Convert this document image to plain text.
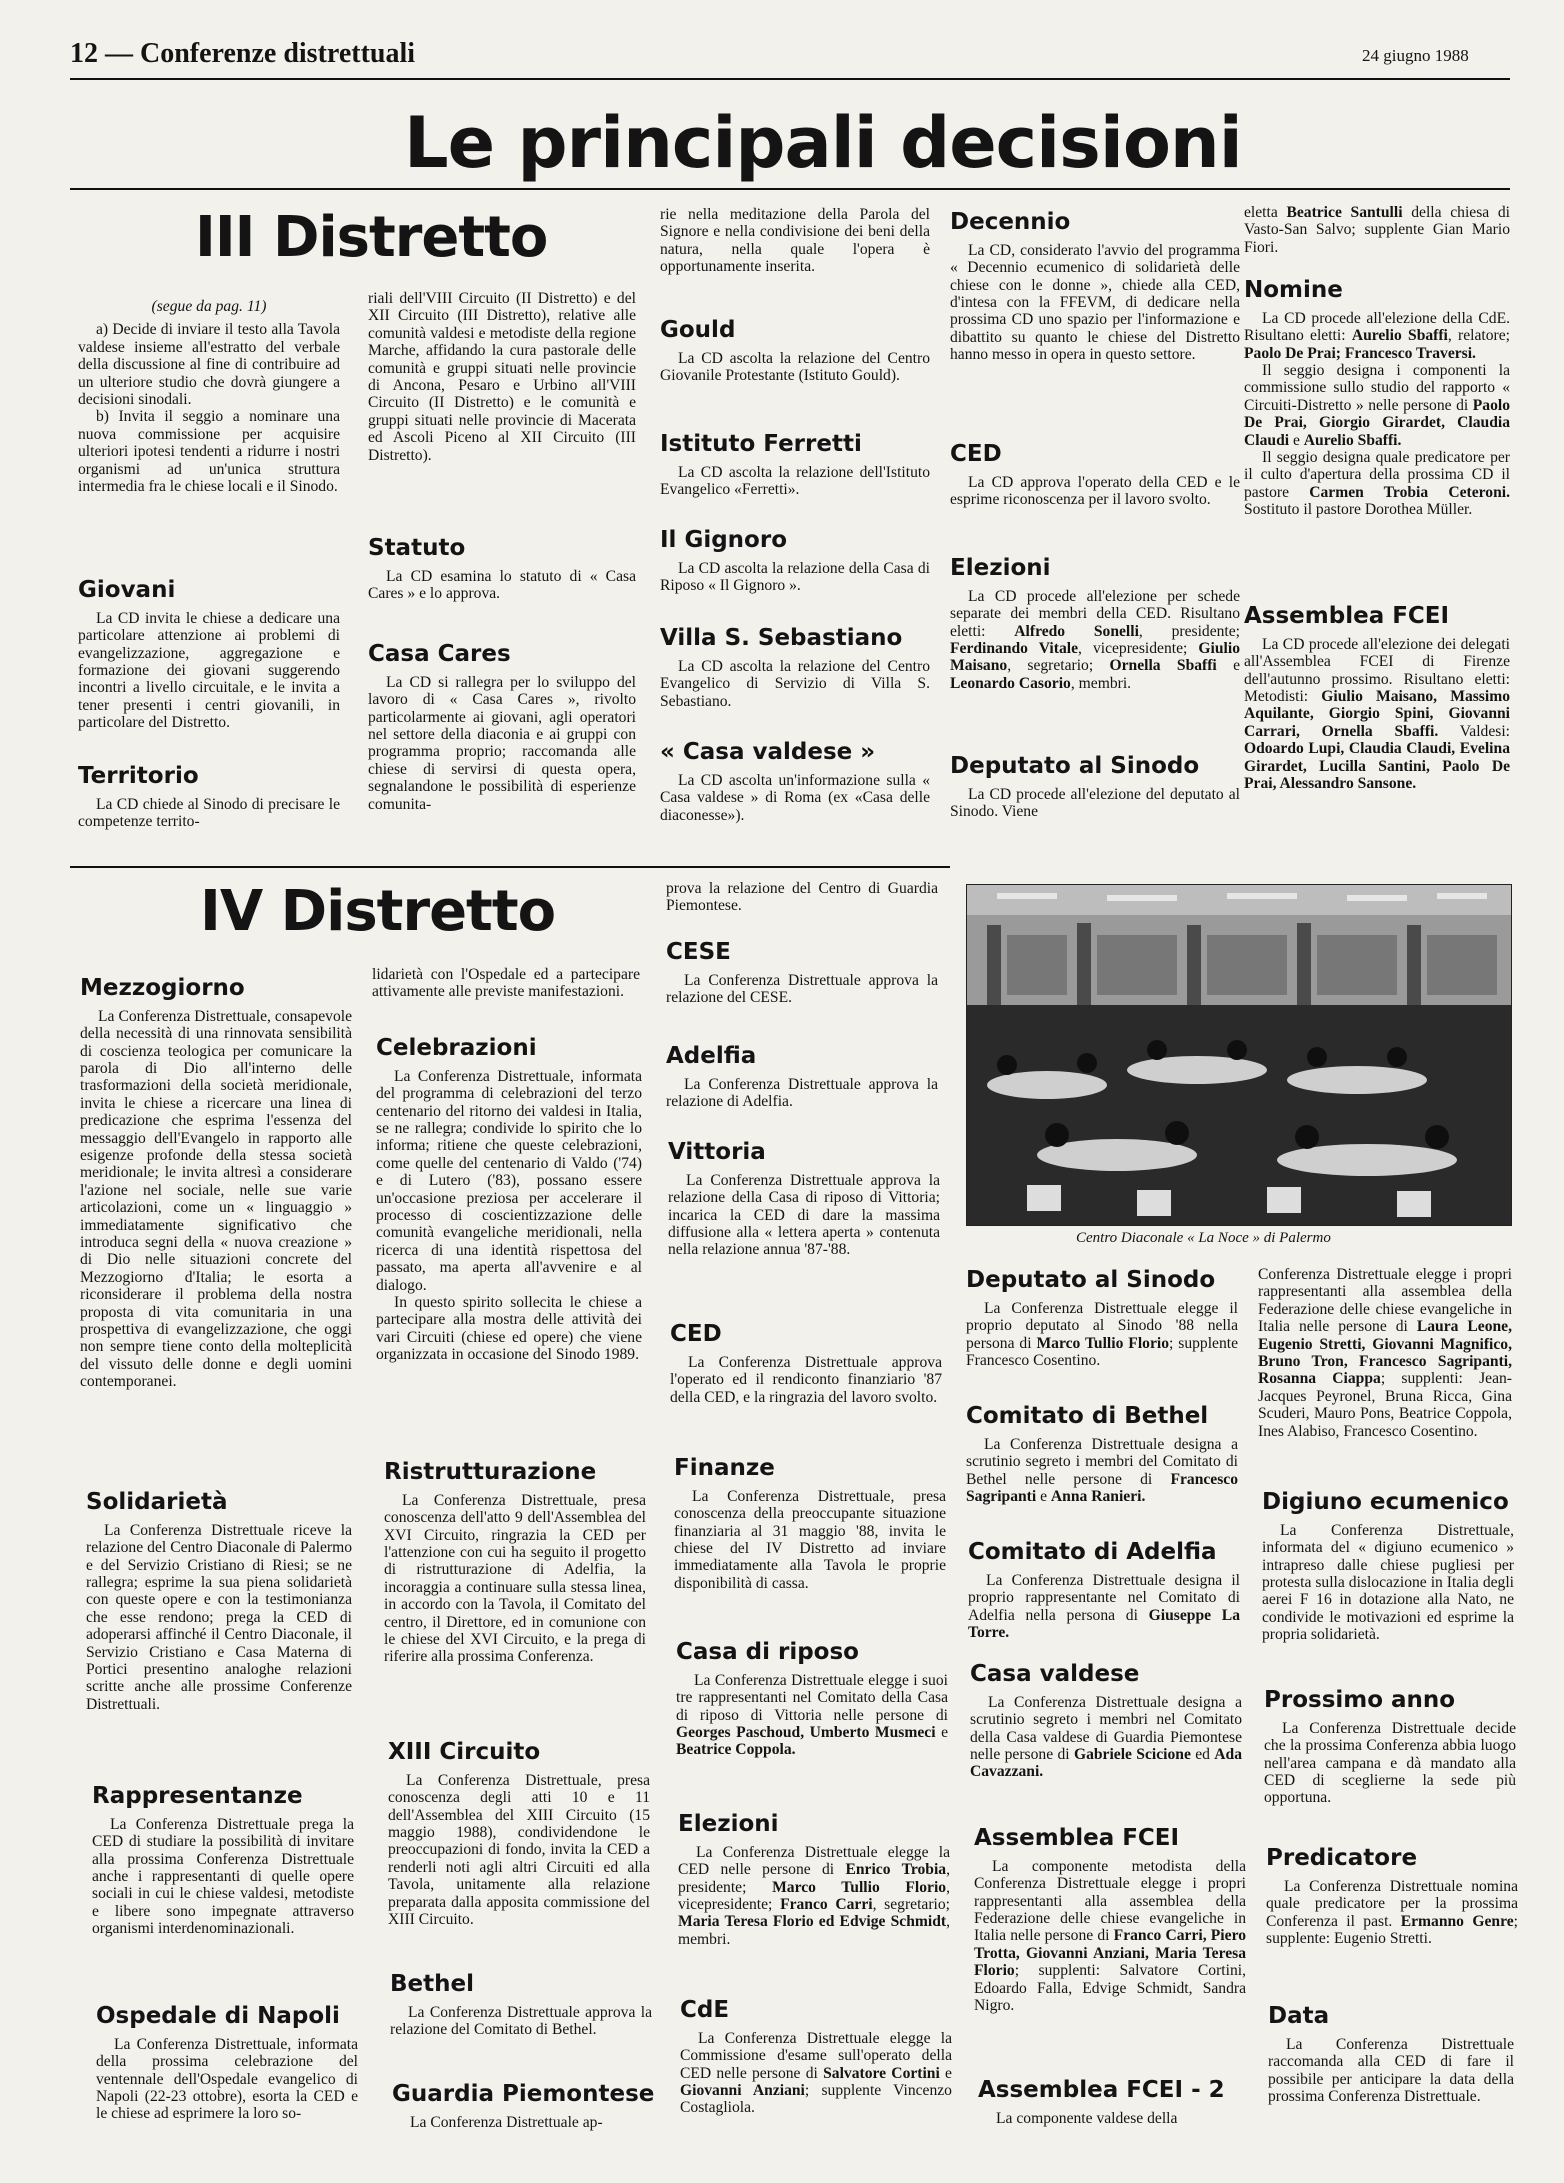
12 — Conferenze distrettuali	24 giugno 1988
Le principali decisioni
III Distretto

(segue da pag. 11)

a) Decide di inviare il testo alla Tavola valdese insieme all'estratto del verbale della discussione al fine di contribuire ad un ulteriore studio che dovrà giungere a decisioni sinodali.

b) Invita il seggio a nominare una nuova commissione per acquisire ulteriori ipotesi tendenti a ridurre i nostri organismi ad un'unica struttura intermedia fra le chiese locali e il Sinodo.

Giovani

La CD invita le chiese a dedicare una particolare attenzione ai problemi di evangelizzazione, aggregazione e formazione dei giovani suggerendo incontri a livello circuitale, e le invita a tener presenti i centri giovanili, in particolare del Distretto.

Territorio

La CD chiede al Sinodo di precisare le competenze territo-

riali dell'VIII Circuito (II Distretto) e del XII Circuito (III Distretto), relative alle comunità valdesi e metodiste della regione Marche, affidando la cura pastorale delle comunità e gruppi situati nelle provincie di Ancona, Pesaro e Urbino all'VIII Circuito (II Distretto) e le comunità e gruppi situati nelle provincie di Macerata ed Ascoli Piceno al XII Circuito (III Distretto).

Statuto

La CD esamina lo statuto di « Casa Cares » e lo approva.

Casa Cares

La CD si rallegra per lo sviluppo del lavoro di « Casa Cares », rivolto particolarmente ai giovani, agli operatori nel settore della diaconia e ai gruppi con programma proprio; raccomanda alle chiese di servirsi di questa opera, segnalandone le possibilità di esperienze comunita-

rie nella meditazione della Parola del Signore e nella condivisione dei beni della natura, nella quale l'opera è opportunamente inserita.

Gould

La CD ascolta la relazione del Centro Giovanile Protestante (Istituto Gould).

Istituto Ferretti

La CD ascolta la relazione dell'Istituto Evangelico «Ferretti».

Il Gignoro

La CD ascolta la relazione della Casa di Riposo « Il Gignoro ».

Villa S. Sebastiano

La CD ascolta la relazione del Centro Evangelico di Servizio di Villa S. Sebastiano.

« Casa valdese »

La CD ascolta un'informazione sulla « Casa valdese » di Roma (ex «Casa delle diaconesse»).

Decennio

La CD, considerato l'avvio del programma « Decennio ecumenico di solidarietà delle chiese con le donne », chiede alla CED, d'intesa con la FFEVM, di dedicare nella prossima CD uno spazio per l'informazione e dibattito su quanto le chiese del Distretto hanno messo in opera in questo settore.

CED

La CD approva l'operato della CED e le esprime riconoscenza per il lavoro svolto.

Elezioni

La CD procede all'elezione per schede separate dei membri della CED. Risultano eletti: Alfredo Sonelli, presidente; Ferdinando Vitale, vicepresidente; Giulio Maisano, segretario; Ornella Sbaffi e Leonardo Casorio, membri.

Deputato al Sinodo

La CD procede all'elezione del deputato al Sinodo. Viene

eletta Beatrice Santulli della chiesa di Vasto-San Salvo; supplente Gian Mario Fiori.

Nomine

La CD procede all'elezione della CdE. Risultano eletti: Aurelio Sbaffi, relatore; Paolo De Prai; Francesco Traversi.

Il seggio designa i componenti la commissione sullo studio del rapporto « Circuiti-Distretto » nelle persone di Paolo De Prai, Giorgio Girardet, Claudia Claudi e Aurelio Sbaffi.

Il seggio designa quale predicatore per il culto d'apertura della prossima CD il pastore Carmen Trobia Ceteroni. Sostituto il pastore Dorothea Müller.

Assemblea FCEI

La CD procede all'elezione dei delegati all'Assemblea FCEI di Firenze dell'autunno prossimo. Risultano eletti: Metodisti: Giulio Maisano, Massimo Aquilante, Giorgio Spini, Giovanni Carrari, Ornella Sbaffi. Valdesi: Odoardo Lupi, Claudia Claudi, Evelina Girardet, Lucilla Santini, Paolo De Prai, Alessandro Sansone.

IV Distretto
Mezzogiorno

La Conferenza Distrettuale, consapevole della necessità di una rinnovata sensibilità di coscienza teologica per comunicare la parola di Dio all'interno delle trasformazioni della società meridionale, invita le chiese a ricercare una linea di predicazione che esprima l'essenza del messaggio dell'Evangelo in rapporto alle esigenze profonde della stessa società meridionale; le invita altresì a considerare l'azione nel sociale, nelle sue varie articolazioni, come un « linguaggio » immediatamente significativo che introduca segni della « nuova creazione » di Dio nelle situazioni concrete del Mezzogiorno d'Italia; le esorta a riconsiderare il problema della nostra proposta di vita comunitaria in una prospettiva di evangelizzazione, che oggi non sempre tiene conto della molteplicità del vissuto delle donne e degli uomini contemporanei.

Solidarietà

La Conferenza Distrettuale riceve la relazione del Centro Diaconale di Palermo e del Servizio Cristiano di Riesi; se ne rallegra; esprime la sua piena solidarietà con queste opere e con la testimonianza che esse rendono; prega la CED di adoperarsi affinché il Centro Diaconale, il Servizio Cristiano e Casa Materna di Portici presentino analoghe relazioni scritte anche alle prossime Conferenze Distrettuali.

Rappresentanze

La Conferenza Distrettuale prega la CED di studiare la possibilità di invitare alla prossima Conferenza Distrettuale anche i rappresentanti di quelle opere sociali in cui le chiese valdesi, metodiste e libere sono impegnate attraverso organismi interdenominazionali.

Ospedale di Napoli

La Conferenza Distrettuale, informata della prossima celebrazione del ventennale dell'Ospedale evangelico di Napoli (22-23 ottobre), esorta la CED e le chiese ad esprimere la loro so-

lidarietà con l'Ospedale ed a partecipare attivamente alle previste manifestazioni.

Celebrazioni

La Conferenza Distrettuale, informata del programma di celebrazioni del terzo centenario del ritorno dei valdesi in Italia, se ne rallegra; condivide lo spirito che lo informa; ritiene che queste celebrazioni, come quelle del centenario di Valdo ('74) e di Lutero ('83), possano essere un'occasione preziosa per accelerare il processo di coscientizzazione delle comunità evangeliche meridionali, nella ricerca di una identità rispettosa del passato, ma aperta all'avvenire e al dialogo.

In questo spirito sollecita le chiese a partecipare alla mostra delle attività dei vari Circuiti (chiese ed opere) che viene organizzata in occasione del Sinodo 1989.

Ristrutturazione

La Conferenza Distrettuale, presa conoscenza dell'atto 9 dell'Assemblea del XVI Circuito, ringrazia la CED per l'attenzione con cui ha seguito il progetto di ristrutturazione di Adelfia, la incoraggia a continuare sulla stessa linea, in accordo con la Tavola, il Comitato del centro, il Direttore, ed in comunione con le chiese del XVI Circuito, e la prega di riferire alla prossima Conferenza.

XIII Circuito

La Conferenza Distrettuale, presa conoscenza degli atti 10 e 11 dell'Assemblea del XIII Circuito (15 maggio 1988), condividendone le preoccupazioni di fondo, invita la CED a renderli noti agli altri Circuiti ed alla Tavola, unitamente alla relazione preparata dalla apposita commissione del XIII Circuito.

Bethel

La Conferenza Distrettuale approva la relazione del Comitato di Bethel.

Guardia Piemontese

La Conferenza Distrettuale ap-

prova la relazione del Centro di Guardia Piemontese.

CESE

La Conferenza Distrettuale approva la relazione del CESE.

Adelfia

La Conferenza Distrettuale approva la relazione di Adelfia.

Vittoria

La Conferenza Distrettuale approva la relazione della Casa di riposo di Vittoria; incarica la CED di dare la massima diffusione alla « lettera aperta » contenuta nella relazione annua '87-'88.

CED

La Conferenza Distrettuale approva l'operato ed il rendiconto finanziario '87 della CED, e la ringrazia del lavoro svolto.

Finanze

La Conferenza Distrettuale, presa conoscenza della preoccupante situazione finanziaria al 31 maggio '88, invita le chiese del IV Distretto ad inviare immediatamente alla Tavola le proprie disponibilità di cassa.

Casa di riposo

La Conferenza Distrettuale elegge i suoi tre rappresentanti nel Comitato della Casa di riposo di Vittoria nelle persone di Georges Paschoud, Umberto Musmeci e Beatrice Coppola.

Elezioni

La Conferenza Distrettuale elegge la CED nelle persone di Enrico Trobia, presidente; Marco Tullio Florio, vicepresidente; Franco Carri, segretario; Maria Teresa Florio ed Edvige Schmidt, membri.

CdE

La Conferenza Distrettuale elegge la Commissione d'esame sull'operato della CED nelle persone di Salvatore Cortini e Giovanni Anziani; supplente Vincenzo Costagliola.

Centro Diaconale « La Noce » di Palermo
Deputato al Sinodo

La Conferenza Distrettuale elegge il proprio deputato al Sinodo '88 nella persona di Marco Tullio Florio; supplente Francesco Cosentino.

Comitato di Bethel

La Conferenza Distrettuale designa a scrutinio segreto i membri del Comitato di Bethel nelle persone di Francesco Sagripanti e Anna Ranieri.

Comitato di Adelfia

La Conferenza Distrettuale designa il proprio rappresentante nel Comitato di Adelfia nella persona di Giuseppe La Torre.

Casa valdese

La Conferenza Distrettuale designa a scrutinio segreto i membri nel Comitato della Casa valdese di Guardia Piemontese nelle persone di Gabriele Scicione ed Ada Cavazzani.

Assemblea FCEI

La componente metodista della Conferenza Distrettuale elegge i propri rappresentanti alla assemblea della Federazione delle chiese evangeliche in Italia nelle persone di Franco Carri, Piero Trotta, Giovanni Anziani, Maria Teresa Florio; supplenti: Salvatore Cortini, Edoardo Falla, Edvige Schmidt, Sandra Nigro.

Assemblea FCEI - 2

La componente valdese della

Conferenza Distrettuale elegge i propri rappresentanti alla assemblea della Federazione delle chiese evangeliche in Italia nelle persone di Laura Leone, Eugenio Stretti, Giovanni Magnifico, Bruno Tron, Francesco Sagripanti, Rosanna Ciappa; supplenti: Jean-Jacques Peyronel, Bruna Ricca, Gina Scuderi, Mauro Pons, Beatrice Coppola, Ines Alabiso, Francesco Cosentino.

Digiuno ecumenico

La Conferenza Distrettuale, informata del « digiuno ecumenico » intrapreso dalle chiese pugliesi per protesta sulla dislocazione in Italia degli aerei F 16 in dotazione alla Nato, ne condivide le motivazioni ed esprime la propria solidarietà.

Prossimo anno

La Conferenza Distrettuale decide che la prossima Conferenza abbia luogo nell'area campana e dà mandato alla CED di sceglierne la sede più opportuna.

Predicatore

La Conferenza Distrettuale nomina quale predicatore per la prossima Conferenza il past. Ermanno Genre; supplente: Eugenio Stretti.

Data

La Conferenza Distrettuale raccomanda alla CED di fare il possibile per anticipare la data della prossima Conferenza Distrettuale.
